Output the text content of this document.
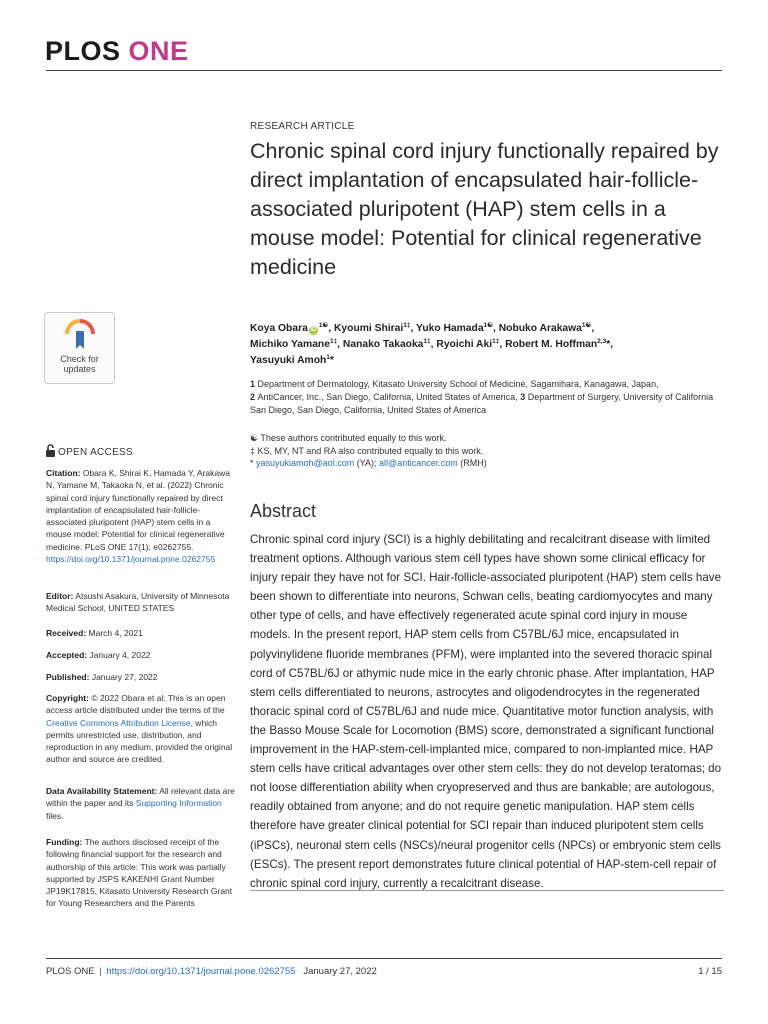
PLOS ONE
RESEARCH ARTICLE
Chronic spinal cord injury functionally repaired by direct implantation of encapsulated hair-follicle-associated pluripotent (HAP) stem cells in a mouse model: Potential for clinical regenerative medicine
Check for
updates
Koya Obara $iD^{1☯}$, Kyoumi Shirai$^{1\ddagger}$, Yuko Hamada$^{1☯}$, Nobuko Arakawa$^{1☯}$,
Michiko Yamane$^{1\ddagger}$, Nanako Takaoka$^{1\ddagger}$, Ryoichi Aki$^{1\ddagger}$, Robert M. Hoffman$^{2,3}$*,
Yasuyuki Amoh$^1$*
1 Department of Dermatology, Kitasato University School of Medicine, Sagamihara, Kanagawa, Japan,
2 AntiCancer, Inc., San Diego, California, United States of America, 3 Department of Surgery, University of California San Diego, San Diego, California, United States of America
☯ These authors contributed equally to this work.
‡ KS, MY, NT and RA also contributed equally to this work.
* yasuyukiamoh@aol.com (YA); all@anticancer.com (RMH)
OPEN ACCESS
Citation: Obara K, Shirai K, Hamada Y, Arakawa N, Yamane M, Takaoka N, et al. (2022) Chronic spinal cord injury functionally repaired by direct implantation of encapsulated hair-follicle-associated pluripotent (HAP) stem cells in a mouse model: Potential for clinical regenerative medicine. PLoS ONE 17(1): e0262755. https://doi.org/10.1371/journal.pone.0262755
Editor: Atsushi Asakura, University of Minnesota Medical School, UNITED STATES
Received: March 4, 2021
Accepted: January 4, 2022
Published: January 27, 2022
Copyright: © 2022 Obara et al. This is an open access article distributed under the terms of the Creative Commons Attribution License, which permits unrestricted use, distribution, and reproduction in any medium, provided the original author and source are credited.
Data Availability Statement: All relevant data are within the paper and its Supporting Information files.
Funding: The authors disclosed receipt of the following financial support for the research and authorship of this article: This work was partially supported by JSPS KAKENHI Grant Number JP19K17815, Kitasato University Research Grant for Young Researchers and the Parents
Abstract
Chronic spinal cord injury (SCI) is a highly debilitating and recalcitrant disease with limited treatment options. Although various stem cell types have shown some clinical efficacy for injury repair they have not for SCI. Hair-follicle-associated pluripotent (HAP) stem cells have been shown to differentiate into neurons, Schwan cells, beating cardiomyocytes and many other type of cells, and have effectively regenerated acute spinal cord injury in mouse models. In the present report, HAP stem cells from C57BL/6J mice, encapsulated in polyvinylidene fluoride membranes (PFM), were implanted into the severed thoracic spinal cord of C57BL/6J or athymic nude mice in the early chronic phase. After implantation, HAP stem cells differentiated to neurons, astrocytes and oligodendrocytes in the regenerated thoracic spinal cord of C57BL/6J and nude mice. Quantitative motor function analysis, with the Basso Mouse Scale for Locomotion (BMS) score, demonstrated a significant functional improvement in the HAP-stem-cell-implanted mice, compared to non-implanted mice. HAP stem cells have critical advantages over other stem cells: they do not develop teratomas; do not loose differentiation ability when cryopreserved and thus are bankable; are autologous, readily obtained from anyone; and do not require genetic manipulation. HAP stem cells therefore have greater clinical potential for SCI repair than induced pluripotent stem cells (iPSCs), neuronal stem cells (NSCs)/neural progenitor cells (NPCs) or embryonic stem cells (ESCs). The present report demonstrates future clinical potential of HAP-stem-cell repair of chronic spinal cord injury, currently a recalcitrant disease.
PLOS ONE | https://doi.org/10.1371/journal.pone.0262755 January 27, 2022	1 / 15
